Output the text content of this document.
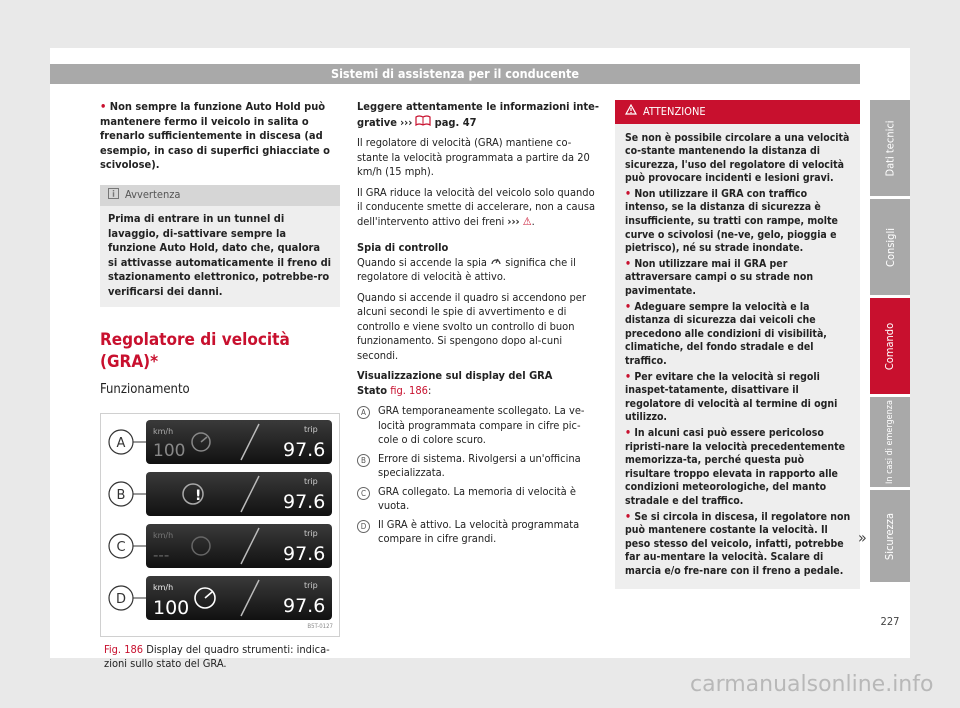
Sistemi di assistenza per il conducente
• Non sempre la funzione Auto Hold può mantenere fermo il veicolo in salita o frenarlo sufficientemente in discesa (ad esempio, in caso di superfici ghiacciate o scivolose).
Avvertenza
Prima di entrare in un tunnel di lavaggio, di-sattivare sempre la funzione Auto Hold, dato che, qualora si attivasse automaticamente il freno di stazionamento elettronico, potrebbe-ro verificarsi dei danni.
Regolatore di velocità (GRA)*
Funzionamento
A
km/h
100
trip
97.6
B	!
trip
97.6
C
km/h
---
trip
97.6
D
km/h
100
trip
97.6
B5T-0127
Fig. 186 Display del quadro strumenti: indica-zioni sullo stato del GRA.
Leggere attentamente le informazioni inte-grative ››› pag. 47
Il regolatore di velocità (GRA) mantiene co-stante la velocità programmata a partire da 20 km/h (15 mph).
Il GRA riduce la velocità del veicolo solo quando il conducente smette di accelerare, non a causa dell'intervento attivo dei freni ››› ⚠.
Spia di controllo
Quando si accende la spia significa che il regolatore di velocità è attivo.
Quando si accende il quadro si accendono per alcuni secondi le spie di avvertimento e di controllo e viene svolto un controllo di buon funzionamento. Si spengono dopo al-cuni secondi.
Visualizzazione sul display del GRA
Stato fig. 186:
A	GRA temporaneamente scollegato. La ve-locità programmata compare in cifre pic-cole o di colore scuro.
B	Errore di sistema. Rivolgersi a un'officina specializzata.
C	GRA collegato. La memoria di velocità è vuota.
D	Il GRA è attivo. La velocità programmata compare in cifre grandi.
ATTENZIONE
Se non è possibile circolare a una velocità co-stante mantenendo la distanza di sicurezza, l'uso del regolatore di velocità può provocare incidenti e lesioni gravi.
• Non utilizzare il GRA con traffico intenso, se la distanza di sicurezza è insufficiente, su tratti con rampe, molte curve o scivolosi (ne-ve, gelo, pioggia e pietrisco), né su strade inondate.
• Non utilizzare mai il GRA per attraversare campi o su strade non pavimentate.
• Adeguare sempre la velocità e la distanza di sicurezza dai veicoli che precedono alle condizioni di visibilità, climatiche, del fondo stradale e del traffico.
• Per evitare che la velocità si regoli inaspet-tatamente, disattivare il regolatore di velocità al termine di ogni utilizzo.
• In alcuni casi può essere pericoloso ripristi-nare la velocità precedentemente memorizza-ta, perché questa può risultare troppo elevata in rapporto alle condizioni meteorologiche, del manto stradale e del traffico.
• Se si circola in discesa, il regolatore non può mantenere costante la velocità. Il peso stesso del veicolo, infatti, potrebbe far au-mentare la velocità. Scalare di marcia e/o fre-nare con il freno a pedale.
»
Dati tecnici
Consigli
Comando
In casi di emergenza
Sicurezza
227
carmanualsonline.info
